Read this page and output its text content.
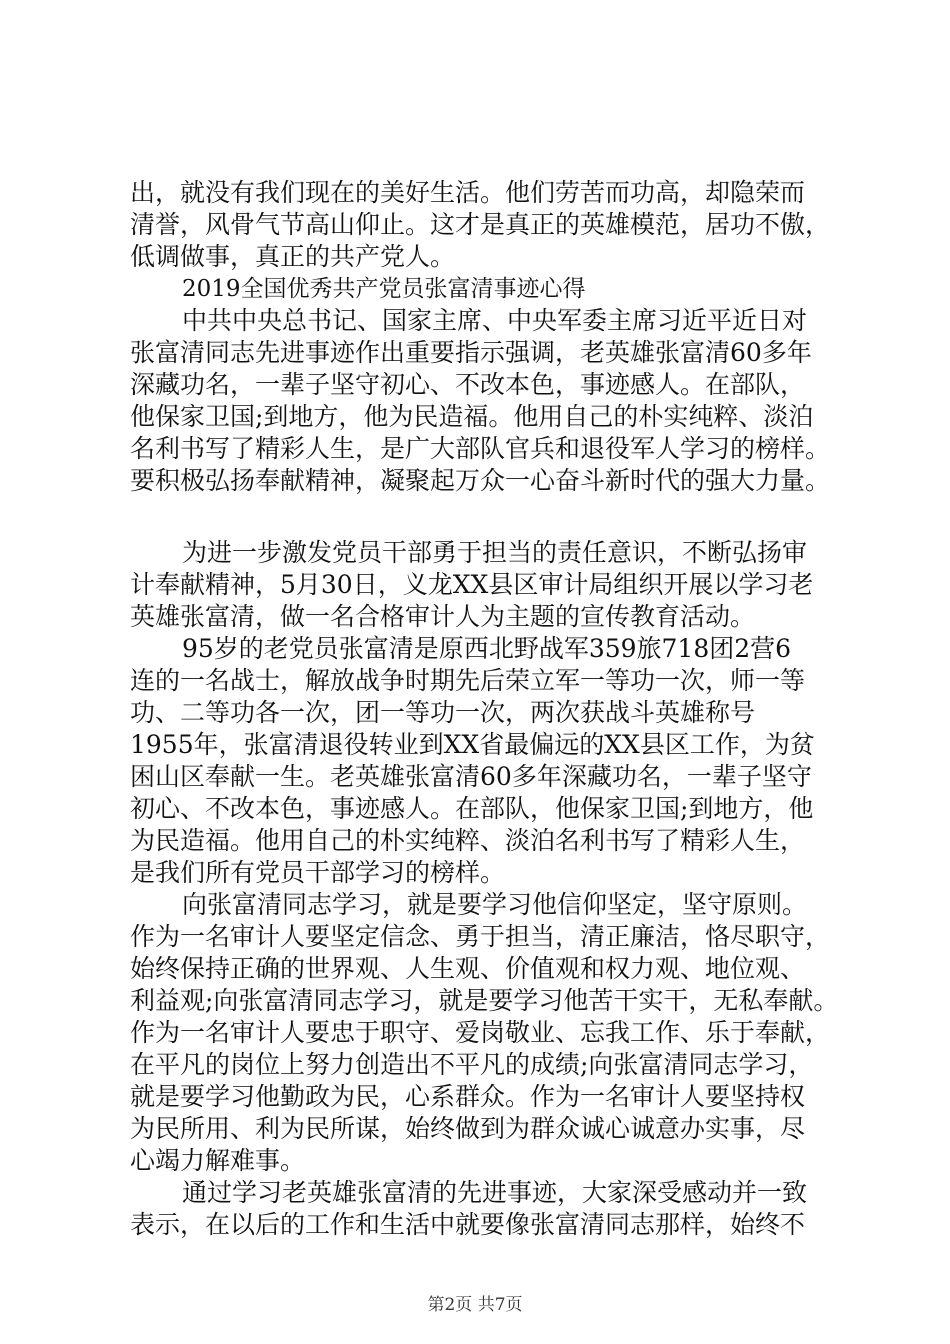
出，就没有我们现在的美好生活。他们劳苦而功高，却隐荣而
清誉，风骨气节高山仰止。这才是真正的英雄模范，居功不傲，
低调做事，真正的共产党人。
2019全国优秀共产党员张富清事迹心得
中共中央总书记、国家主席、中央军委主席习近平近日对
张富清同志先进事迹作出重要指示强调，老英雄张富清60多年
深藏功名，一辈子坚守初心、不改本色，事迹感人。在部队，
他保家卫国;到地方，他为民造福。他用自己的朴实纯粹、淡泊
名利书写了精彩人生，是广大部队官兵和退役军人学习的榜样。
要积极弘扬奉献精神，凝聚起万众一心奋斗新时代的强大力量。
为进一步激发党员干部勇于担当的责任意识，不断弘扬审
计奉献精神，5月30日，义龙XX县区审计局组织开展以学习老
英雄张富清，做一名合格审计人为主题的宣传教育活动。
95岁的老党员张富清是原西北野战军359旅718团2营6
连的一名战士，解放战争时期先后荣立军一等功一次，师一等
功、二等功各一次，团一等功一次，两次获战斗英雄称号
1955年，张富清退役转业到XX省最偏远的XX县区工作，为贫
困山区奉献一生。老英雄张富清60多年深藏功名，一辈子坚守
初心、不改本色，事迹感人。在部队，他保家卫国;到地方，他
为民造福。他用自己的朴实纯粹、淡泊名利书写了精彩人生，
是我们所有党员干部学习的榜样。
向张富清同志学习，就是要学习他信仰坚定，坚守原则。
作为一名审计人要坚定信念、勇于担当，清正廉洁，恪尽职守，
始终保持正确的世界观、人生观、价值观和权力观、地位观、
利益观;向张富清同志学习，就是要学习他苦干实干，无私奉献。
作为一名审计人要忠于职守、爱岗敬业、忘我工作、乐于奉献，
在平凡的岗位上努力创造出不平凡的成绩;向张富清同志学习，
就是要学习他勤政为民，心系群众。作为一名审计人要坚持权
为民所用、利为民所谋，始终做到为群众诚心诚意办实事，尽
心竭力解难事。
通过学习老英雄张富清的先进事迹，大家深受感动并一致
表示，在以后的工作和生活中就要像张富清同志那样，始终不
第2页 共7页
